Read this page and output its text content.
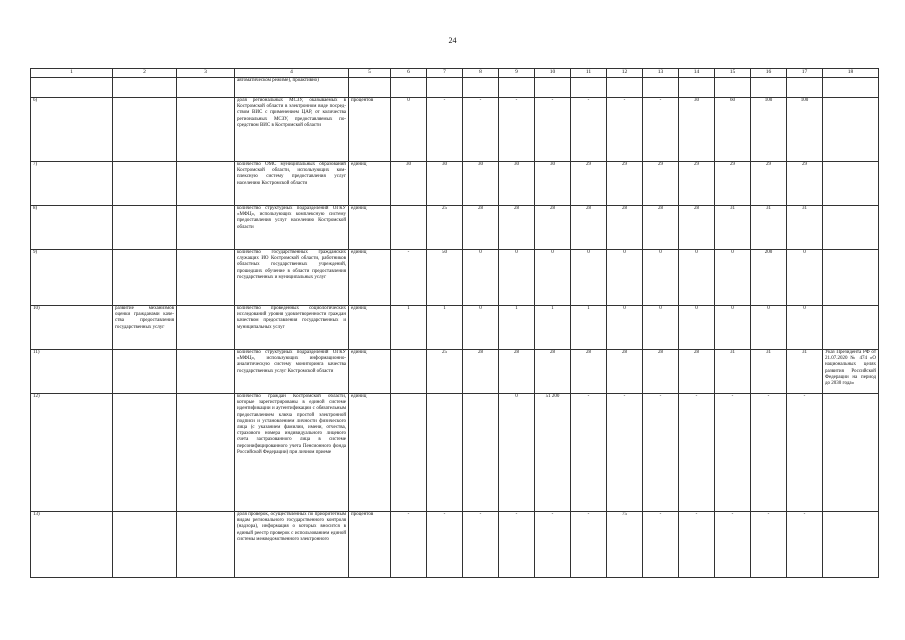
24
1	2	3	4	5	6	7	8	9	10	11	12	13	14	15	16	17	18
			автоматическом режиме), проактивно)														
6)			доля региональных МСЗУ, оказываемых в Костромской области в электронном виде посредством ВИС с применением ЦАР, от количества региональных МСЗУ, предоставляемых посредством ВИС в Костромской области	процентов	0	-	-	-	-	-	-	-	30	60	100	100	
7)			количество ОМС муниципальных образований Костромской области, использующих комплексную систему предоставления услуг населению Костромской области	единиц	30	30	30	30	30	29	29	29	29	29	29	29	
8)			количество структурных подразделений ОГКУ «МФЦ», использующих комплексную систему предоставления услуг населению Костромской области	единиц		25	28	28	28	28	28	28	28	31	31	31	
9)			количество государственных гражданских служащих ИО Костромской области, работников областных государственных учреждений, прошедших обучение в области предоставления государственных и муниципальных услуг	единиц	-	50	0	0	0	0	0	0	0	0	200	0	
10)	развитие механизмов оценки гражданами качества предоставления государственных услуг		количество проведенных социологических исследований уровня удовлетворенности граждан качеством предоставления государственных и муниципальных услуг	единиц	1	1	0	1	1	1	0	0	0	0	0	0	
11)			количество структурных подразделений ОГКУ «МФЦ», использующих информационно-аналитическую систему мониторинга качества государственных услуг Костромской области	единиц		25	28	28	28	28	28	28	28	31	31	31	Указ Президента РФ от 21.07.2020 № 474 «О национальных целях развития Российской Федерации на период до 2030 года»
12)			количество граждан Костромской области, которые зарегистрированы в единой системе идентификации и аутентификации с обязательным предоставлением ключа простой электронной подписи и установлением личности физического лица (с указанием фамилии, имени, отчества, страхового номера индивидуального лицевого счета застрахованного лица в системе персонифицированного учета Пенсионного фонда Российской Федерации) при личном приеме	единиц				0	51 200	-	-	-	-	-	-	-	
13)			доля проверок, осуществленных по приоритетным видам регионального государственного контроля (надзора), информация о которых вносится в единый реестр проверок с использованием единой системы межведомственного электронного	процентов	-	-	-	-	-	-	75	-	-	-	-	-	
